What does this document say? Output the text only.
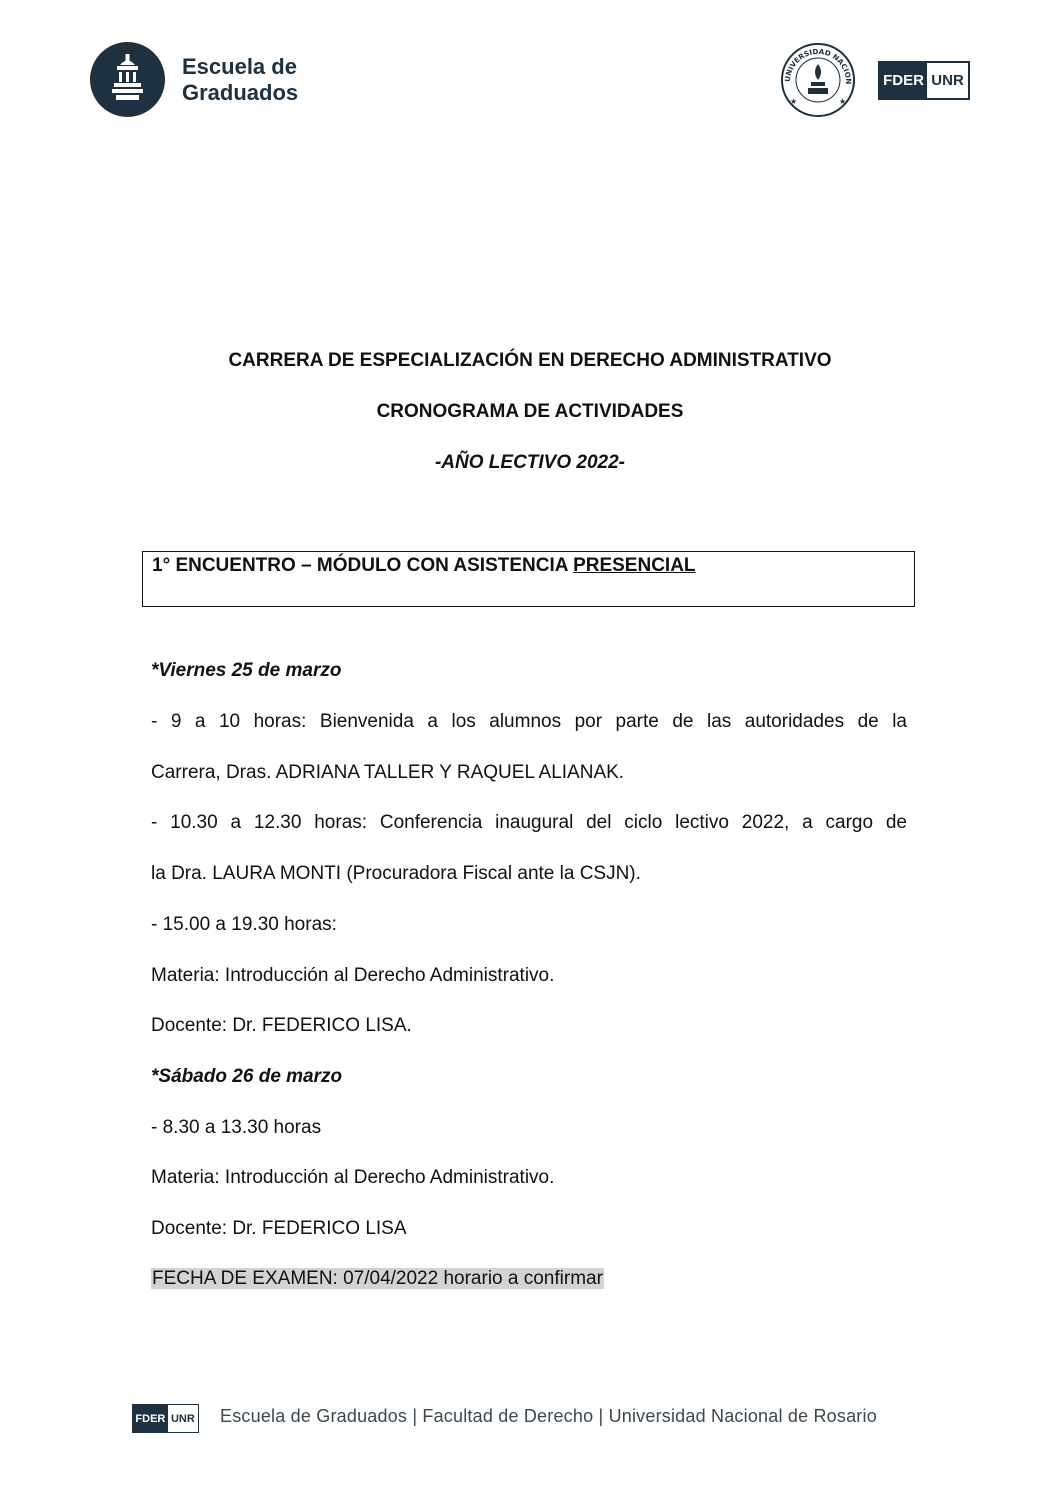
Escuela de
Graduados
UNIVERSIDAD NACION
★	★
FDER UNR
CARRERA DE ESPECIALIZACIÓN EN DERECHO ADMINISTRATIVO
CRONOGRAMA DE ACTIVIDADES
-AÑO LECTIVO 2022-
1° ENCUENTRO – MÓDULO CON ASISTENCIA PRESENCIAL
*Viernes 25 de marzo
- 9 a 10 horas: Bienvenida a los alumnos por parte de las autoridades de la
Carrera, Dras. ADRIANA TALLER Y RAQUEL ALIANAK.
- 10.30 a 12.30 horas: Conferencia inaugural del ciclo lectivo 2022, a cargo de
la Dra. LAURA MONTI (Procuradora Fiscal ante la CSJN).
- 15.00 a 19.30 horas:
Materia: Introducción al Derecho Administrativo.
Docente: Dr. FEDERICO LISA.
*Sábado 26 de marzo
- 8.30 a 13.30 horas
Materia: Introducción al Derecho Administrativo.
Docente: Dr. FEDERICO LISA
FECHA DE EXAMEN: 07/04/2022 horario a confirmar
FDER UNR Escuela de Graduados | Facultad de Derecho | Universidad Nacional de Rosario
